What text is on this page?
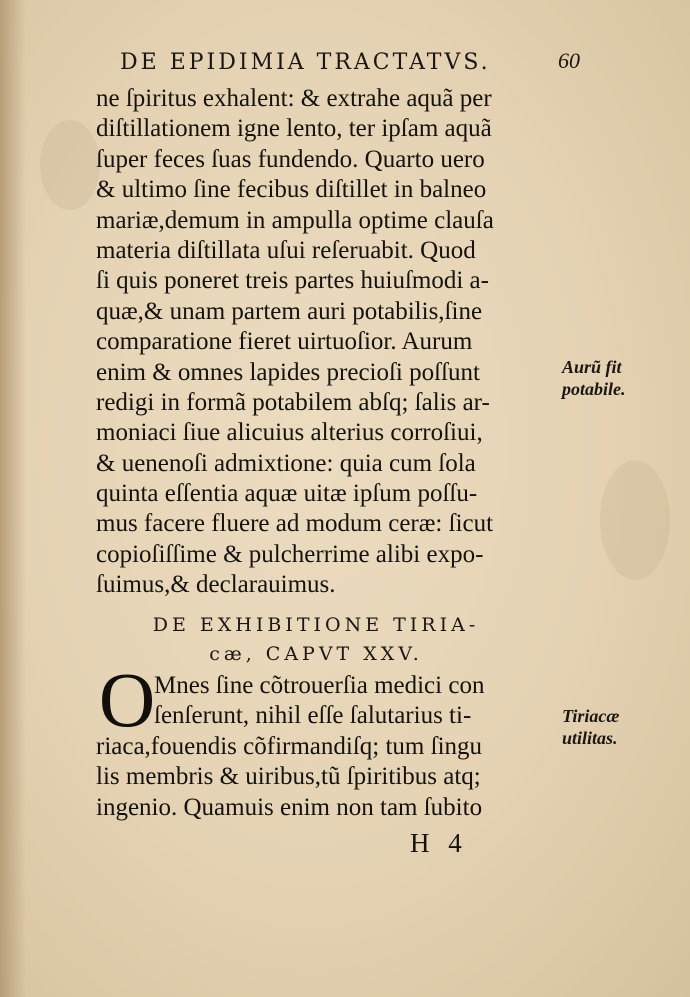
DE EPIDIMIA TRACTATVS.	60
ne ſpiritus exhalent: & extrahe aquã per
diſtillationem igne lento, ter ipſam aquã
ſuper feces ſuas fundendo. Quarto uero
& ultimo ſine fecibus diſtillet in balneo
mariæ,demum in ampulla optime clauſa
materia diſtillata uſui reſeruabit. Quod
ſi quis poneret treis partes huiuſmodi a-
quæ,& unam partem auri potabilis,ſine
comparatione fieret uirtuoſior. Aurum
enim & omnes lapides precioſi poſſunt
redigi in formã potabilem abſq; ſalis ar-
moniaci ſiue alicuius alterius corroſiui,
& uenenoſi admixtione: quia cum ſola
quinta eſſentia aquæ uitæ ipſum poſſu-
mus facere fluere ad modum ceræ: ſicut
copioſiſſime & pulcherrime alibi expo-
ſuimus,& declarauimus.
Aurũ fit
potabile.
DE EXHIBITIONE TIRIA-
cæ, CAPVT XXV.
O
Mnes ſine cõtrouerſia medici con
ſenſerunt, nihil eſſe ſalutarius ti-
riaca,fouendis cõfirmandiſq; tum ſingu
lis membris & uiribus,tũ ſpiritibus atq;
ingenio. Quamuis enim non tam ſubito
Tiriacæ
utilitas.
H 4
